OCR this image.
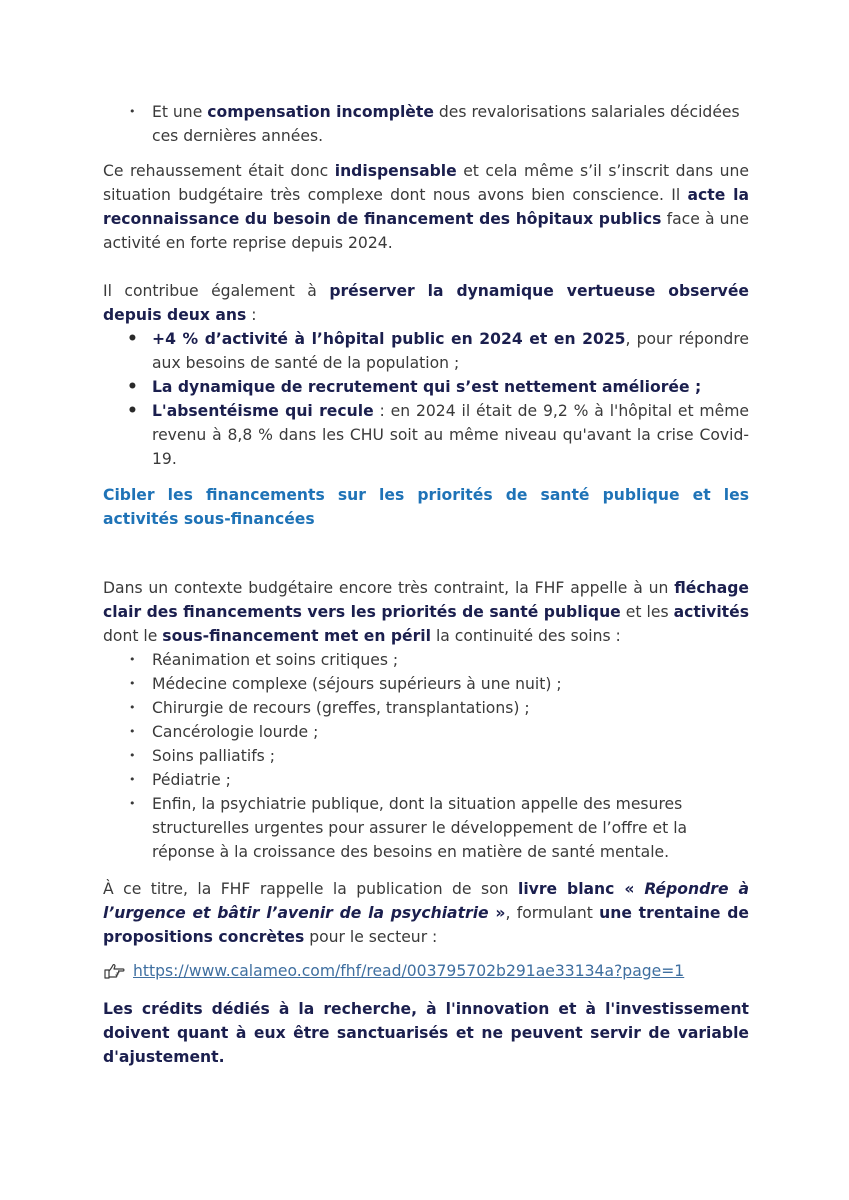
• Et une compensation incomplète des revalorisations salariales décidées ces dernières années.

Ce rehaussement était donc indispensable et cela même s’il s’inscrit dans une situation budgétaire très complexe dont nous avons bien conscience. Il acte la reconnaissance du besoin de financement des hôpitaux publics face à une activité en forte reprise depuis 2024.

Il contribue également à préserver la dynamique vertueuse observée depuis deux ans :

• +4 % d’activité à l’hôpital public en 2024 et en 2025, pour répondre aux besoins de santé de la population ;
• La dynamique de recrutement qui s’est nettement améliorée ;
• L'absentéisme qui recule : en 2024 il était de 9,2 % à l'hôpital et même revenu à 8,8 % dans les CHU soit au même niveau qu'avant la crise Covid-19.

Cibler les financements sur les priorités de santé publique et les activités sous-financées

Dans un contexte budgétaire encore très contraint, la FHF appelle à un fléchage clair des financements vers les priorités de santé publique et les activités dont le sous-financement met en péril la continuité des soins :

• Réanimation et soins critiques ;
• Médecine complexe (séjours supérieurs à une nuit) ;
• Chirurgie de recours (greffes, transplantations) ;
• Cancérologie lourde ;
• Soins palliatifs ;
• Pédiatrie ;
• Enfin, la psychiatrie publique, dont la situation appelle des mesures structurelles urgentes pour assurer le développement de l’offre et la réponse à la croissance des besoins en matière de santé mentale.

À ce titre, la FHF rappelle la publication de son livre blanc « Répondre à l’urgence et bâtir l’avenir de la psychiatrie », formulant une trentaine de propositions concrètes pour le secteur :

https://www.calameo.com/fhf/read/003795702b291ae33134a?page=1

Les crédits dédiés à la recherche, à l'innovation et à l'investissement doivent quant à eux être sanctuarisés et ne peuvent servir de variable d'ajustement.
